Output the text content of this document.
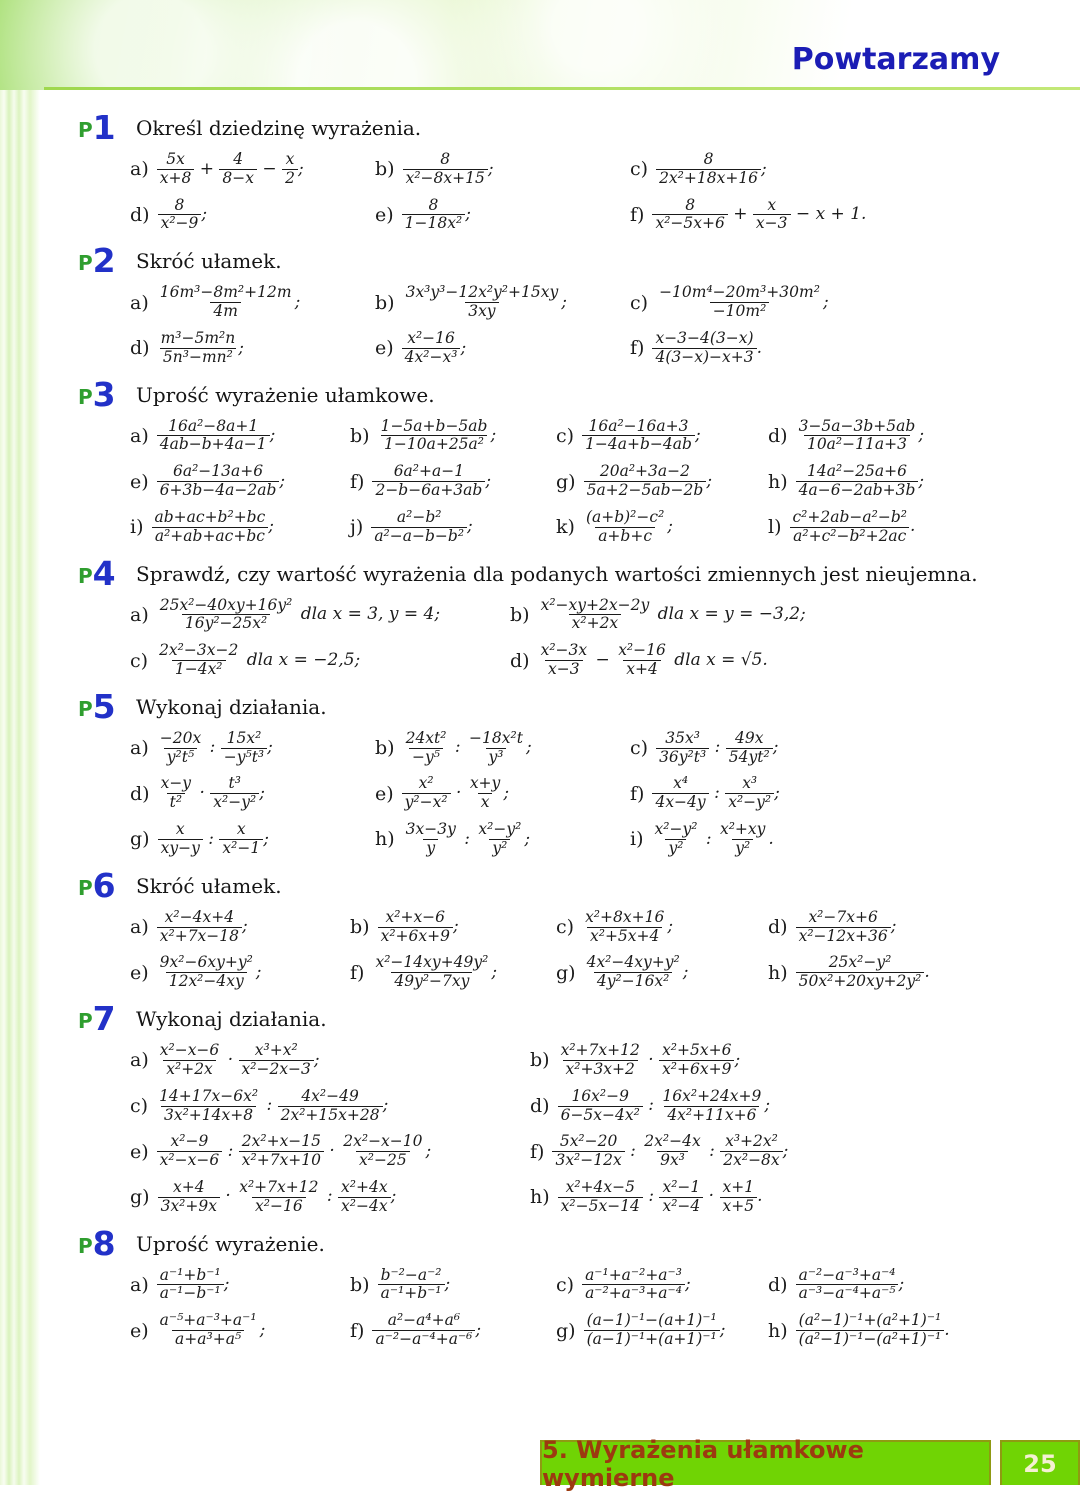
Powtarzamy
P 1 Określ dziedzinę wyrażenia.
$a) \frac{5x}{x+8} + \frac{4}{8-x} - \frac{x}{2}$ ;	$b) \frac{8}{\text{x²−8x+15}}$ ;	$c) \frac{8}{\text{2x²+18x+16}}$ ;
$d) \frac{8}{\text{x²−9}}$ ;	$e) \frac{8}{\text{1−18x²}}$ ;	$f) \frac{8}{\text{x²−5x+6}} + \frac{x}{x-3} - x + 1$.
P 2 Skróć ułamek.
$a) \frac{\text{16m³−8m²+12m}}{4m}$ ;	$b) \frac{\text{3x³y³−12x²y²+15xy}}{3xy}$ ;	$c) \frac{\text{−10m⁴−20m³+30m²}}{\text{−10m²}}$ ;
$d) \frac{\text{m³−5m²n}}{\text{5n³−mn²}}$ ;	$e) \frac{\text{x²−16}}{\text{4x²−x³}}$ ;	$f) \frac{x-3-4(3-x)}{4(3-x)-x+3}$ .
P 3 Uprość wyrażenie ułamkowe.
$a) \frac{\text{16a²−8a+1}}{4ab-b+4a-1}$ ;	$b) \frac{1-5a+b-5ab}{\text{1−10a+25a²}}$ ;	$c) \frac{\text{16a²−16a+3}}{1-4a+b-4ab}$ ;	$d) \frac{3-5a-3b+5ab}{\text{10a²−11a+3}}$ ;
$e) \frac{\text{6a²−13a+6}}{6+3b-4a-2ab}$ ;	$f) \frac{\text{6a²+a−1}}{2-b-6a+3ab}$ ;	$g) \frac{\text{20a²+3a−2}}{5a+2-5ab-2b}$ ;	$h) \frac{\text{14a²−25a+6}}{4a-6-2ab+3b}$ ;
$i) \frac{\text{ab+ac+b²+bc}}{\text{a²+ab+ac+bc}}$ ;	$j) \frac{\text{a²−b²}}{\text{a²−a−b−b²}}$ ;	$k) \frac{\text{(a+b)²−c²}}{a+b+c}$ ;	$l) \frac{\text{c²+2ab−a²−b²}}{\text{a²+c²−b²+2ac}}$ .
P 4 Sprawdź, czy wartość wyrażenia dla podanych wartości zmiennych jest nieujemna.
$a) \frac{\text{25x²−40xy+16y²}}{\text{16y²−25x²}}$ dla x = 3, y = 4;	$b) \frac{\text{x²−xy+2x−2y}}{\text{x²+2x}}$ dla x = y = −3,2;
$c) \frac{\text{2x²−3x−2}}{\text{1−4x²}}$ dla x = −2,5;	$d) \frac{\text{x²−3x}}{x-3} - \frac{\text{x²−16}}{x+4}$ dla x = √5.
P 5 Wykonaj działania.
$a) \frac{-20x}{\text{y²t⁵}}$ : $\frac{\text{15x²}}{\text{−y⁵t³}}$ ;	$b) \frac{\text{24xt²}}{\text{−y⁵}}$ : $\frac{\text{−18x²t}}{\text{y³}}$ ;	$c) \frac{\text{35x³}}{\text{36y²t³}}$ : $\frac{49x}{\text{54yt²}}$ ;
$d) \frac{x-y}{\text{t²}} \cdot \frac{\text{t³}}{\text{x²−y²}}$ ;	$e) \frac{\text{x²}}{\text{y²−x²}} \cdot \frac{x+y}{x}$ ;	$f) \frac{\text{x⁴}}{4x-4y}$ : $\frac{\text{x³}}{\text{x²−y²}}$ ;
$g) \frac{x}{xy-y}$ : $\frac{x}{\text{x²−1}}$ ;	$h) \frac{3x-3y}{y}$ : $\frac{\text{x²−y²}}{\text{y²}}$ ;	$i) \frac{\text{x²−y²}}{\text{y²}}$ : $\frac{\text{x²+xy}}{\text{y²}}$ .
P 6 Skróć ułamek.
$a) \frac{\text{x²−4x+4}}{\text{x²+7x−18}}$ ;	$b) \frac{\text{x²+x−6}}{\text{x²+6x+9}}$ ;	$c) \frac{\text{x²+8x+16}}{\text{x²+5x+4}}$ ;	$d) \frac{\text{x²−7x+6}}{\text{x²−12x+36}}$ ;
$e) \frac{\text{9x²−6xy+y²}}{\text{12x²−4xy}}$ ;	$f) \frac{\text{x²−14xy+49y²}}{\text{49y²−7xy}}$ ;	$g) \frac{\text{4x²−4xy+y²}}{\text{4y²−16x²}}$ ;	$h) \frac{\text{25x²−y²}}{\text{50x²+20xy+2y²}}$ .
P 7 Wykonaj działania.
$a) \frac{\text{x²−x−6}}{\text{x²+2x}} \cdot \frac{\text{x³+x²}}{\text{x²−2x−3}}$ ;	$b) \frac{\text{x²+7x+12}}{\text{x²+3x+2}} \cdot \frac{\text{x²+5x+6}}{\text{x²+6x+9}}$ ;
$c) \frac{\text{14+17x−6x²}}{\text{3x²+14x+8}}$ : $\frac{\text{4x²−49}}{\text{2x²+15x+28}}$ ;	$d) \frac{\text{16x²−9}}{\text{6−5x−4x²}}$ : $\frac{\text{16x²+24x+9}}{\text{4x²+11x+6}}$ ;
$e) \frac{\text{x²−9}}{\text{x²−x−6}}$ : $\frac{\text{2x²+x−15}}{\text{x²+7x+10}} \cdot \frac{\text{2x²−x−10}}{\text{x²−25}}$ ;	$f) \frac{\text{5x²−20}}{\text{3x²−12x}}$ : $\frac{\text{2x²−4x}}{\text{9x³}}$ : $\frac{\text{x³+2x²}}{\text{2x²−8x}}$ ;
$g) \frac{x+4}{\text{3x²+9x}} \cdot \frac{\text{x²+7x+12}}{\text{x²−16}}$ : $\frac{\text{x²+4x}}{\text{x²−4x}}$ ;	$h) \frac{\text{x²+4x−5}}{\text{x²−5x−14}}$ : $\frac{\text{x²−1}}{\text{x²−4}} \cdot \frac{x+1}{x+5}$ .
P 8 Uprość wyrażenie.
$a) \frac{\text{a⁻¹+b⁻¹}}{\text{a⁻¹−b⁻¹}}$ ;	$b) \frac{\text{b⁻²−a⁻²}}{\text{a⁻¹+b⁻¹}}$ ;	$c) \frac{\text{a⁻¹+a⁻²+a⁻³}}{\text{a⁻²+a⁻³+a⁻⁴}}$ ;	$d) \frac{\text{a⁻²−a⁻³+a⁻⁴}}{\text{a⁻³−a⁻⁴+a⁻⁵}}$ ;
$e) \frac{\text{a⁻⁵+a⁻³+a⁻¹}}{\text{a+a³+a⁵}}$ ;	$f) \frac{\text{a²−a⁴+a⁶}}{\text{a⁻²−a⁻⁴+a⁻⁶}}$ ;	$g) \frac{\text{(a−1)⁻¹−(a+1)⁻¹}}{\text{(a−1)⁻¹+(a+1)⁻¹}}$ ; $h) \frac{\text{(a²−1)⁻¹+(a²+1)⁻¹}}{\text{(a²−1)⁻¹−(a²+1)⁻¹}}$ .
5. Wyrażenia ułamkowe wymierne	25
